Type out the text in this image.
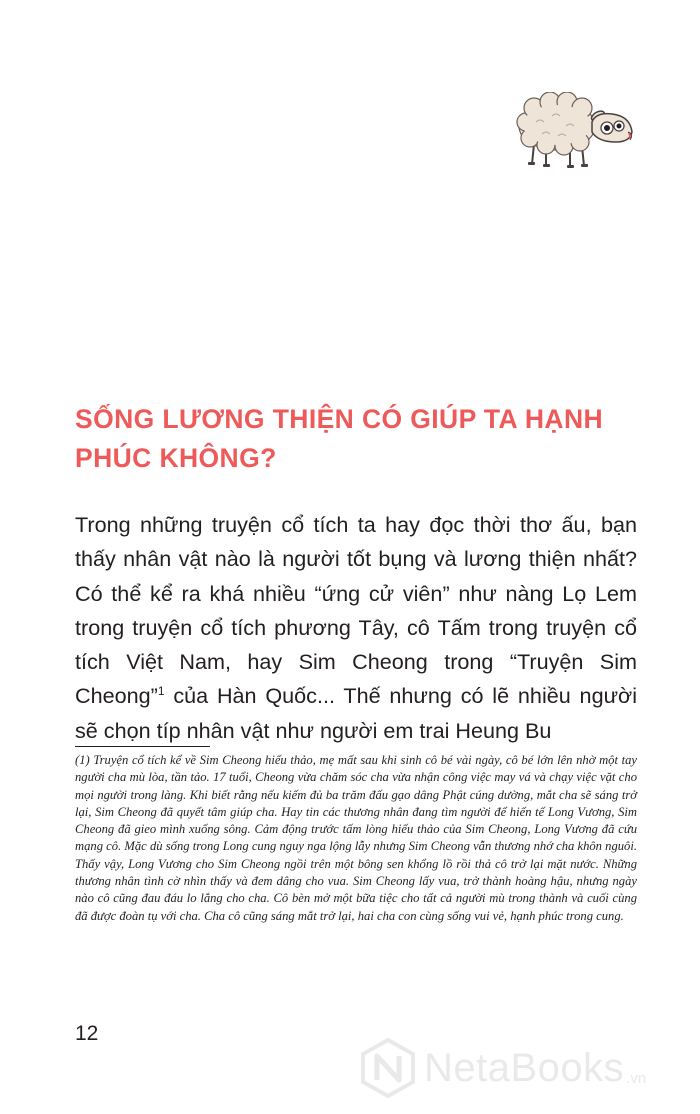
SỐNG LƯƠNG THIỆN CÓ GIÚP TA HẠNH PHÚC KHÔNG?

Trong những truyện cổ tích ta hay đọc thời thơ ấu, bạn thấy nhân vật nào là người tốt bụng và lương thiện nhất? Có thể kể ra khá nhiều “ứng cử viên” như nàng Lọ Lem trong truyện cổ tích phương Tây, cô Tấm trong truyện cổ tích Việt Nam, hay Sim Cheong trong “Truyện Sim Cheong”$^1$ của Hàn Quốc... Thế nhưng có lẽ nhiều người sẽ chọn típ nhân vật như người em trai Heung Bu

(1) Truyện cổ tích kể về Sim Cheong hiếu thảo, mẹ mất sau khi sinh cô bé vài ngày, cô bé lớn lên nhờ một tay người cha mù lòa, tần tảo. 17 tuổi, Cheong vừa chăm sóc cha vừa nhận công việc may vá và chạy việc vặt cho mọi người trong làng. Khi biết rằng nếu kiếm đủ ba trăm đấu gạo dâng Phật cúng dường, mắt cha sẽ sáng trở lại, Sim Cheong đã quyết tâm giúp cha. Hay tin các thương nhân đang tìm người để hiến tế Long Vương, Sim Cheong đã gieo mình xuống sông. Cảm động trước tấm lòng hiếu thảo của Sim Cheong, Long Vương đã cứu mạng cô. Mặc dù sống trong Long cung nguy nga lộng lẫy nhưng Sim Cheong vẫn thương nhớ cha khôn nguôi. Thấy vậy, Long Vương cho Sim Cheong ngồi trên một bông sen khổng lồ rồi thả cô trở lại mặt nước. Những thương nhân tình cờ nhìn thấy và đem dâng cho vua. Sim Cheong lấy vua, trở thành hoàng hậu, nhưng ngày nào cô cũng đau đáu lo lắng cho cha. Cô bèn mở một bữa tiệc cho tất cả người mù trong thành và cuối cùng đã được đoàn tụ với cha. Cha cô cũng sáng mắt trở lại, hai cha con cùng sống vui vẻ, hạnh phúc trong cung.

12

NetaBooks .vn
